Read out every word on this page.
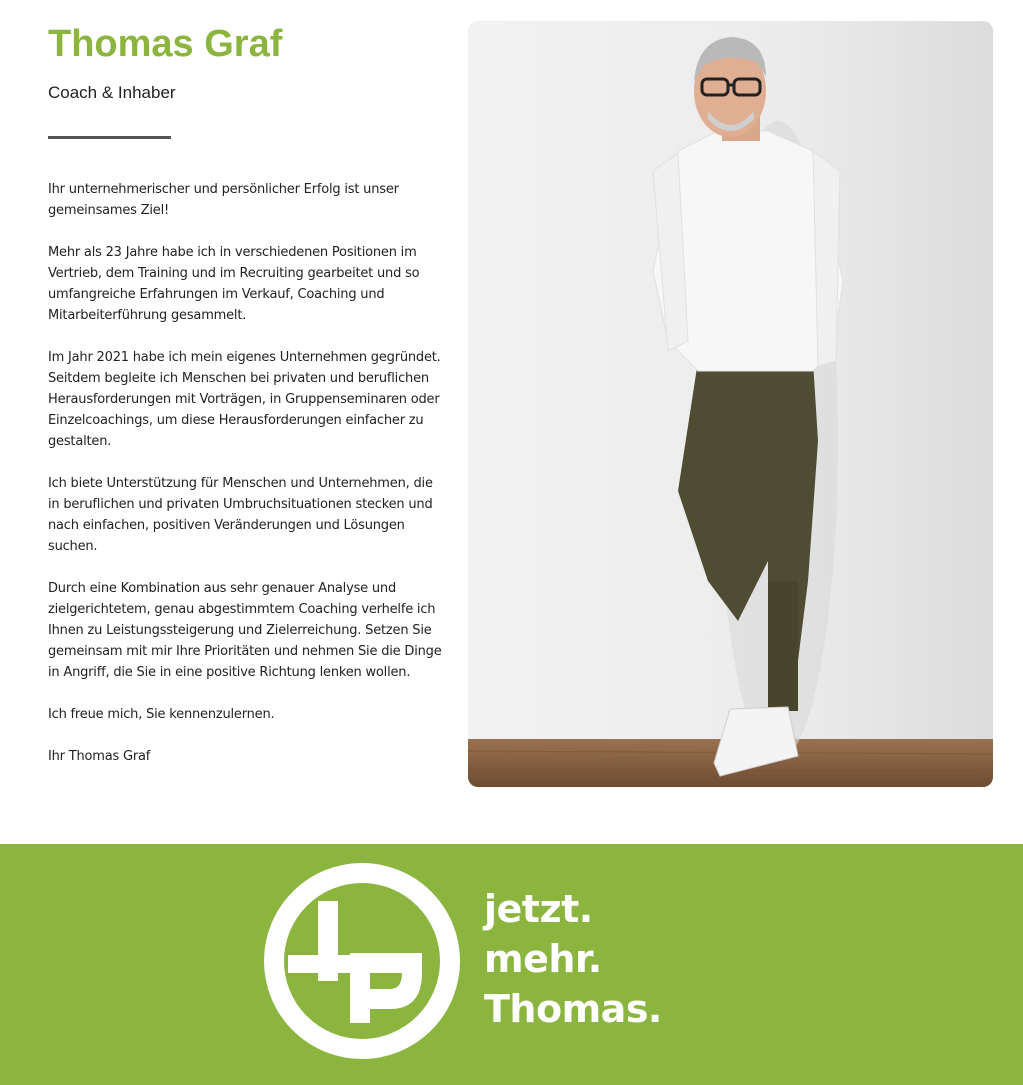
Thomas Graf
Coach & Inhaber

Ihr unternehmerischer und persönlicher Erfolg ist unser gemeinsames Ziel!

Mehr als 23 Jahre habe ich in verschiedenen Positionen im Vertrieb, dem Training und im Recruiting gearbeitet und so umfangreiche Erfahrungen im Verkauf, Coaching und Mitarbeiterführung gesammelt.

Im Jahr 2021 habe ich mein eigenes Unternehmen gegründet. Seitdem begleite ich Menschen bei privaten und beruflichen Herausforderungen mit Vorträgen, in Gruppenseminaren oder Einzelcoachings, um diese Herausforderungen einfacher zu gestalten.

Ich biete Unterstützung für Menschen und Unternehmen, die in beruflichen und privaten Umbruchsituationen stecken und nach einfachen, positiven Veränderungen und Lösungen suchen.

Durch eine Kombination aus sehr genauer Analyse und zielgerichtetem, genau abgestimmtem Coaching verhelfe ich Ihnen zu Leistungssteigerung und Zielerreichung. Setzen Sie gemeinsam mit mir Ihre Prioritäten und nehmen Sie die Dinge in Angriff, die Sie in eine positive Richtung lenken wollen.

Ich freue mich, Sie kennenzulernen.

Ihr Thomas Graf

jetzt.
mehr.
Thomas.
